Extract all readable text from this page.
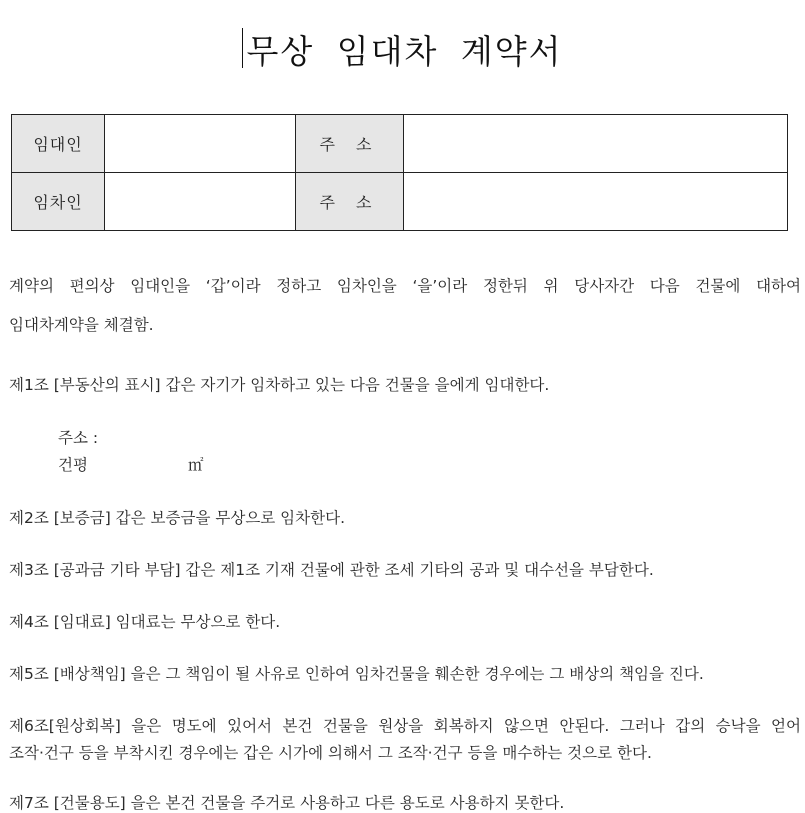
무상 임대차 계약서
임대인		주 소	
임차인		주 소	
계약의 편의상 임대인을 ‘갑’이라 정하고 임차인을 ‘을’이라 정한뒤 위 당사자간 다음 건물에 대하여
임대차계약을 체결함.
제1조 [부동산의 표시] 갑은 자기가 임차하고 있는 다음 건물을 을에게 임대한다.
주소 :
건평	㎡
제2조 [보증금] 갑은 보증금을 무상으로 임차한다.
제3조 [공과금 기타 부담] 갑은 제1조 기재 건물에 관한 조세 기타의 공과 및 대수선을 부담한다.
제4조 [임대료] 임대료는 무상으로 한다.
제5조 [배상책임] 을은 그 책임이 될 사유로 인하여 임차건물을 훼손한 경우에는 그 배상의 책임을 진다.
제6조[원상회복] 을은 명도에 있어서 본건 건물을 원상을 회복하지 않으면 안된다. 그러나 갑의 승낙을 얻어
조작·건구 등을 부착시킨 경우에는 갑은 시가에 의해서 그 조작·건구 등을 매수하는 것으로 한다.
제7조 [건물용도] 을은 본건 건물을 주거로 사용하고 다른 용도로 사용하지 못한다.
